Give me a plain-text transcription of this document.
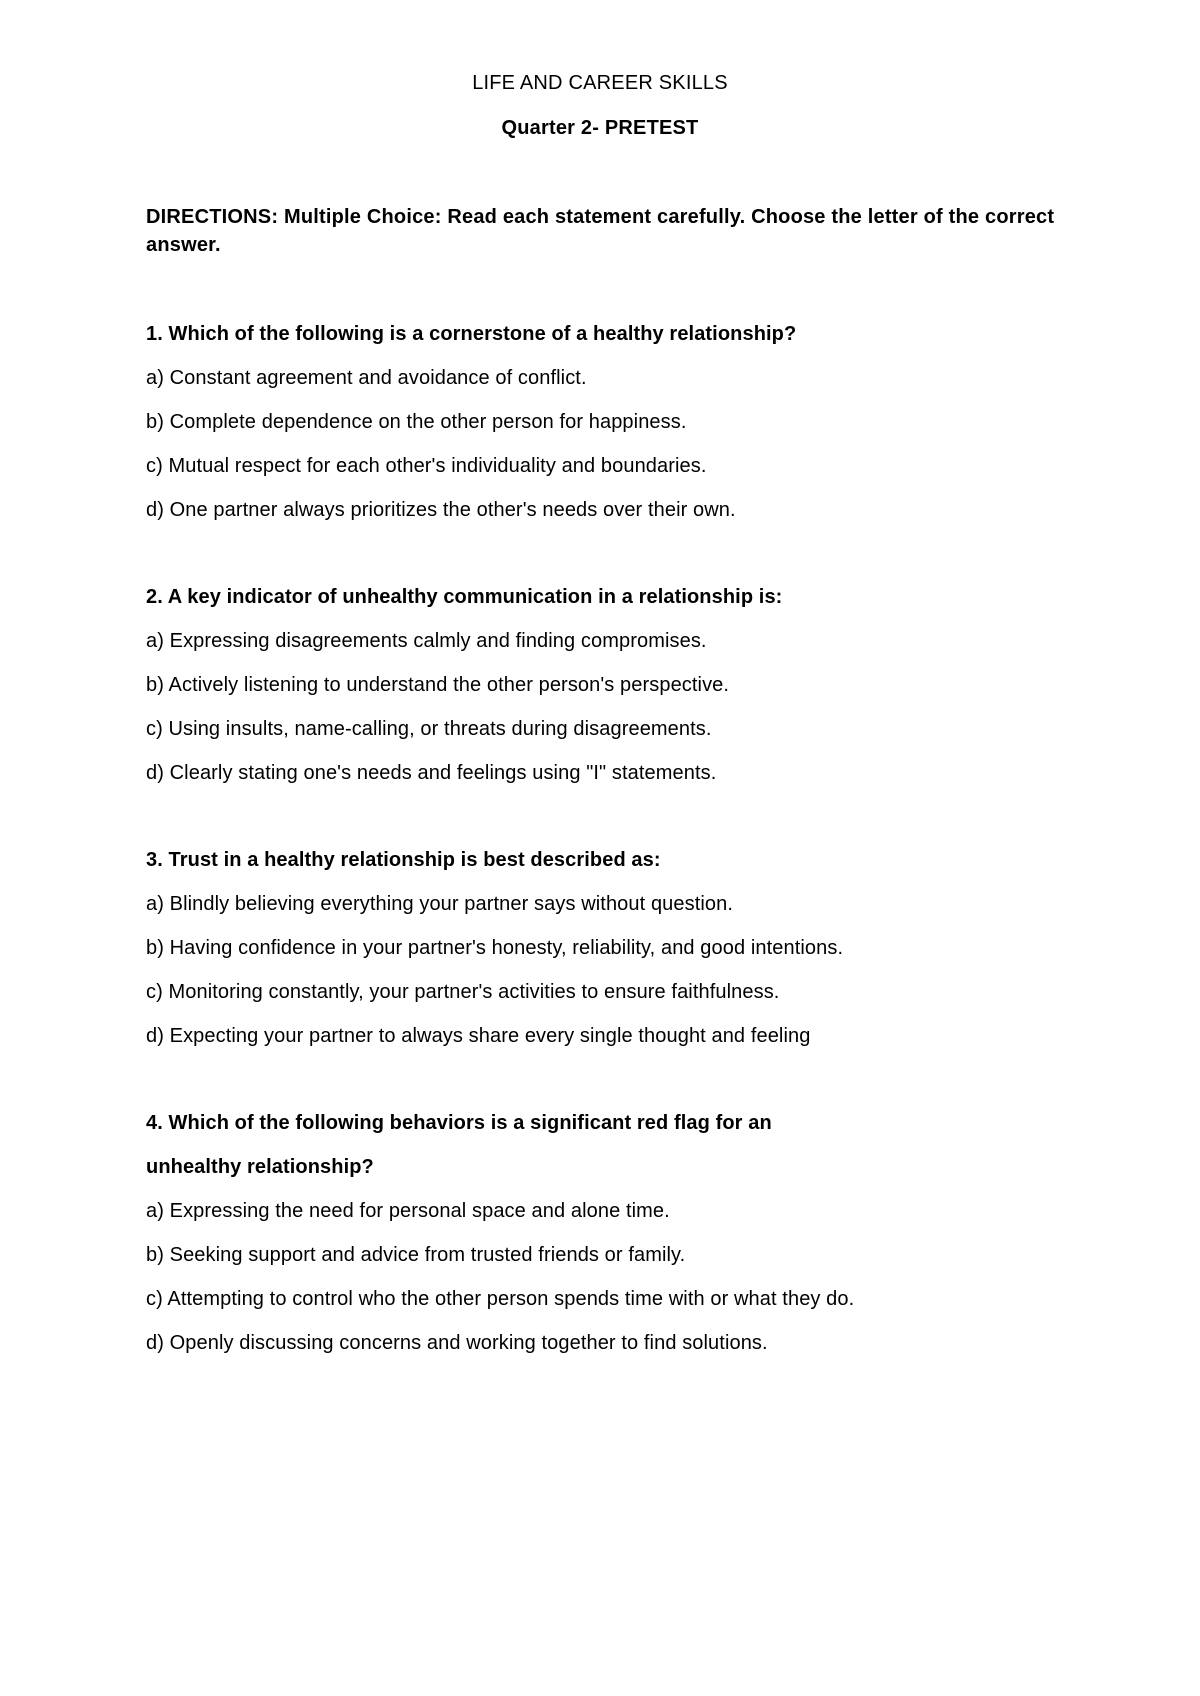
LIFE AND CAREER SKILLS
Quarter 2- PRETEST
DIRECTIONS: Multiple Choice: Read each statement carefully. Choose the letter of the correct answer.

1. Which of the following is a cornerstone of a healthy relationship?

a) Constant agreement and avoidance of conflict.

b) Complete dependence on the other person for happiness.

c) Mutual respect for each other's individuality and boundaries.

d) One partner always prioritizes the other's needs over their own.

2. A key indicator of unhealthy communication in a relationship is:

a) Expressing disagreements calmly and finding compromises.

b) Actively listening to understand the other person's perspective.

c) Using insults, name-calling, or threats during disagreements.

d) Clearly stating one's needs and feelings using "I" statements.

3. Trust in a healthy relationship is best described as:

a) Blindly believing everything your partner says without question.

b) Having confidence in your partner's honesty, reliability, and good intentions.

c) Monitoring constantly, your partner's activities to ensure faithfulness.

d) Expecting your partner to always share every single thought and feeling

4. Which of the following behaviors is a significant red flag for an

unhealthy relationship?

a) Expressing the need for personal space and alone time.

b) Seeking support and advice from trusted friends or family.

c) Attempting to control who the other person spends time with or what they do.

d) Openly discussing concerns and working together to find solutions.
